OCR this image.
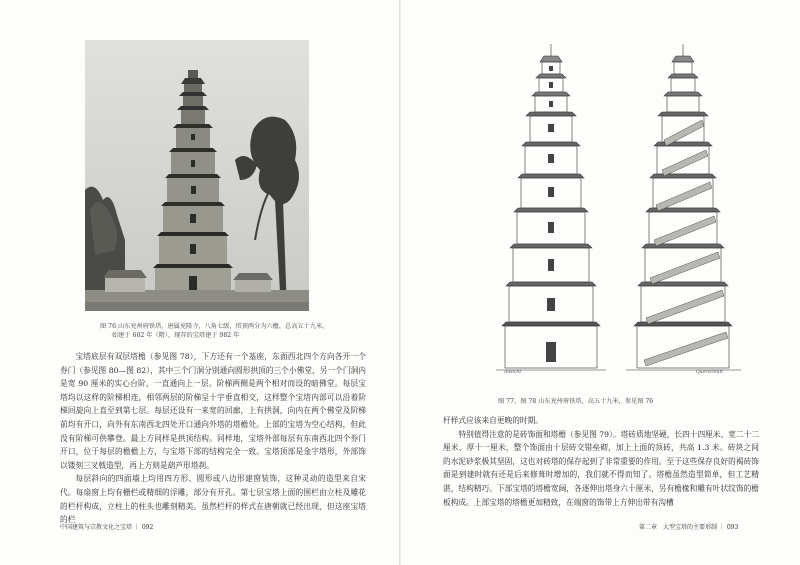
图 76 山东兖州府铁塔，唐属兖隆寺，八角七级，塔顶两分为六檐，总高五十九米。
始建于 602 年（隋），现存的宝塔建于 982 年

宝塔底层有双层塔檐（参见图 78），下方还有一个基座，东面西北四个方向各开一个券门（参见图 80—图 82），其中三个门洞分别通向圆形拱顶的三个小佛堂，另一个门洞内是宽 90 厘米的实心台阶，一直通向上一层。阶梯两侧是两个相对而设的暗佛堂。每层宝塔均以这样的阶梯相连，相邻两层的阶梯呈十字垂直相交，这样整个宝塔内部可以沿着阶梯回旋向上直至到第七层。每层还设有一来宽的回廊，上有拱洞，向内在两个佛堂及阶梯前均有开口，向外有东南西北四处开口通向外塔的塔檐处。上部的宝塔为空心结构，但此没有阶梯可供攀登。最上方同样是拱顶结构。同样地，宝塔外部每层有东南西北四个券门开口，位于每层的檐檐上方，与宝塔下部的结构完全一致。宝塔顶部是金字塔形，外部饰以镂刻三叉戟造型，再上方则是葫芦形塔刹。

每层斜向的四面墙上均用四方形、圆形或八边形建窗装饰，这种灵动的造型来自宋代。每扇窗上均有栅栏或精细的浮雕，部分有开孔。第七层宝塔上面的围栏由立柱及雕花的栏杆构成，立柱上的柱头也雕刻精美。虽然栏杆的样式在唐朝就已经出现，但这座宝塔的栏

中国建筑与宗教文化之宝塔 ｜ 092
Ansicht	Querschnitt
图 77、图 78 山东兖州府铁塔，高五十九米，参见图 76

杆样式应该来自更晚的时期。

特别值得注意的是砖饰面和塔檐（参见图 79）。塔砖质地坚硬，长四十四厘米、宽二十二厘米、厚十一厘米，整个饰面由十层砖交错垒砌，加上上面的顶砖，共高 1.3 米。砖块之间的水泥砂浆极其坚固，这也对砖塔的保存起到了非常重要的作用。至于这些保存良好的褐砖饰面是到建时就有还是后来修葺时增加的，我们就不得而知了。塔檐虽然造型简单，但工艺精湛，结构精巧。下部宝塔的塔檐宽阔，各逐伸出塔身六十厘米，另有檐椽和雕有叶状纹饰的檐板构成。上部宝塔的塔檐更加精致，在端窗的饰带上方伸出带有沟槽

第二章　大型宝塔的主要形制 ｜ 093
